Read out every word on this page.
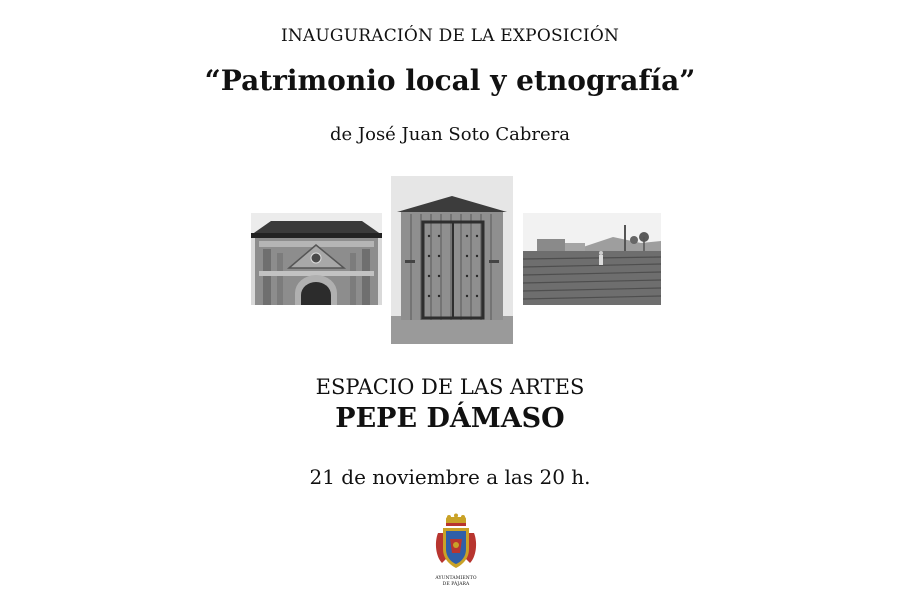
INAUGURACIÓN DE LA EXPOSICIÓN
“Patrimonio local y etnografía”
de José Juan Soto Cabrera
ESPACIO DE LAS ARTES
PEPE DÁMASO
21 de noviembre a las 20 h.
AYUNTAMIENTO
DE PÁJARA
